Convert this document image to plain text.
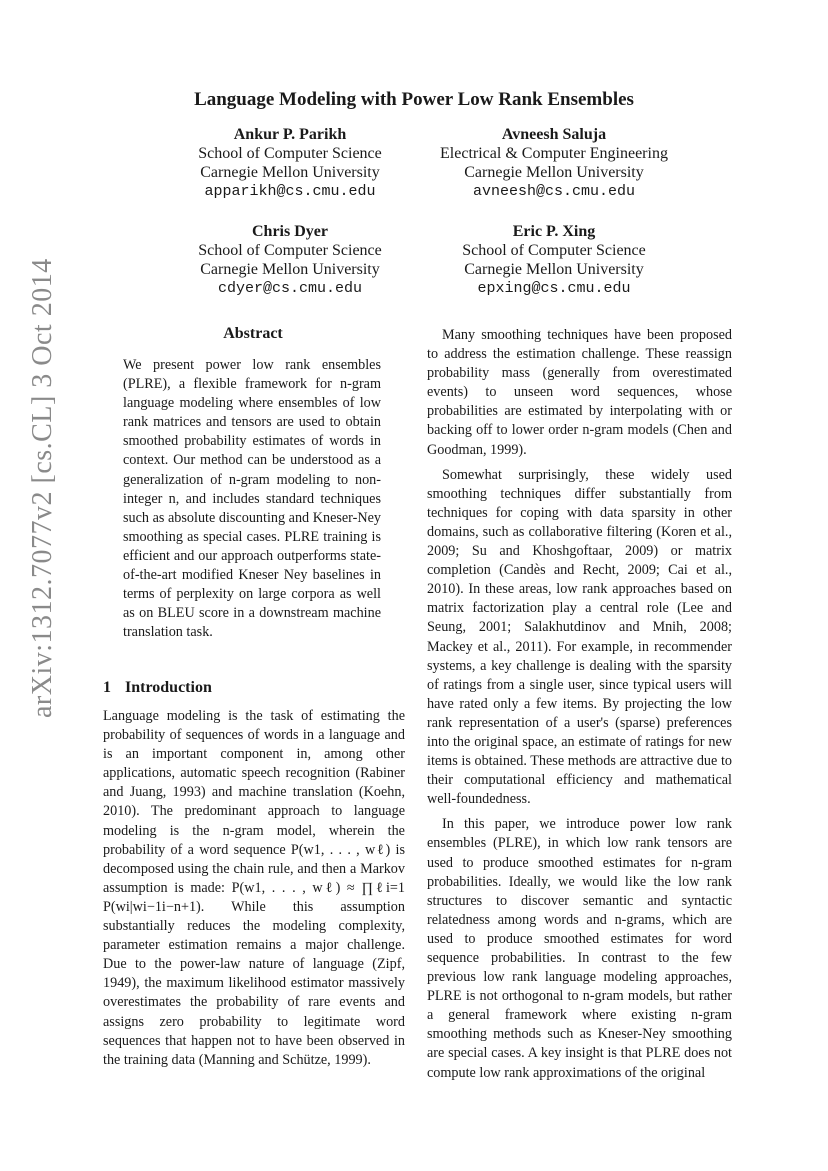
Language Modeling with Power Low Rank Ensembles
Ankur P. Parikh
School of Computer Science
Carnegie Mellon University
apparikh@cs.cmu.edu
Avneesh Saluja
Electrical & Computer Engineering
Carnegie Mellon University
avneesh@cs.cmu.edu
Chris Dyer
School of Computer Science
Carnegie Mellon University
cdyer@cs.cmu.edu
Eric P. Xing
School of Computer Science
Carnegie Mellon University
epxing@cs.cmu.edu
arXiv:1312.7077v2 [cs.CL] 3 Oct 2014	Abstract
We present power low rank ensembles (PLRE), a flexible framework for n-gram language modeling where ensembles of low rank matrices and tensors are used to obtain smoothed probability estimates of words in context. Our method can be understood as a generalization of n-gram modeling to non-integer n, and includes standard techniques such as absolute discounting and Kneser-Ney smoothing as special cases. PLRE training is efficient and our approach outperforms state-of-the-art modified Kneser Ney baselines in terms of perplexity on large corpora as well as on BLEU score in a downstream machine translation task.
1 Introduction

Language modeling is the task of estimating the probability of sequences of words in a language and is an important component in, among other applications, automatic speech recognition (Rabiner and Juang, 1993) and machine translation (Koehn, 2010). The predominant approach to language modeling is the n-gram model, wherein the probability of a word sequence P(w1, . . . , wℓ) is decomposed using the chain rule, and then a Markov assumption is made: P(w1, . . . , wℓ) ≈ ∏ℓi=1 P(wi|wi−1i−n+1). While this assumption substantially reduces the modeling complexity, parameter estimation remains a major challenge. Due to the power-law nature of language (Zipf, 1949), the maximum likelihood estimator massively overestimates the probability of rare events and assigns zero probability to legitimate word sequences that happen not to have been observed in the training data (Manning and Schütze, 1999).

Many smoothing techniques have been proposed to address the estimation challenge. These reassign probability mass (generally from overestimated events) to unseen word sequences, whose probabilities are estimated by interpolating with or backing off to lower order n-gram models (Chen and Goodman, 1999).

Somewhat surprisingly, these widely used smoothing techniques differ substantially from techniques for coping with data sparsity in other domains, such as collaborative filtering (Koren et al., 2009; Su and Khoshgoftaar, 2009) or matrix completion (Candès and Recht, 2009; Cai et al., 2010). In these areas, low rank approaches based on matrix factorization play a central role (Lee and Seung, 2001; Salakhutdinov and Mnih, 2008; Mackey et al., 2011). For example, in recommender systems, a key challenge is dealing with the sparsity of ratings from a single user, since typical users will have rated only a few items. By projecting the low rank representation of a user's (sparse) preferences into the original space, an estimate of ratings for new items is obtained. These methods are attractive due to their computational efficiency and mathematical well-foundedness.

In this paper, we introduce power low rank ensembles (PLRE), in which low rank tensors are used to produce smoothed estimates for n-gram probabilities. Ideally, we would like the low rank structures to discover semantic and syntactic relatedness among words and n-grams, which are used to produce smoothed estimates for word sequence probabilities. In contrast to the few previous low rank language modeling approaches, PLRE is not orthogonal to n-gram models, but rather a general framework where existing n-gram smoothing methods such as Kneser-Ney smoothing are special cases. A key insight is that PLRE does not compute low rank approximations of the original
